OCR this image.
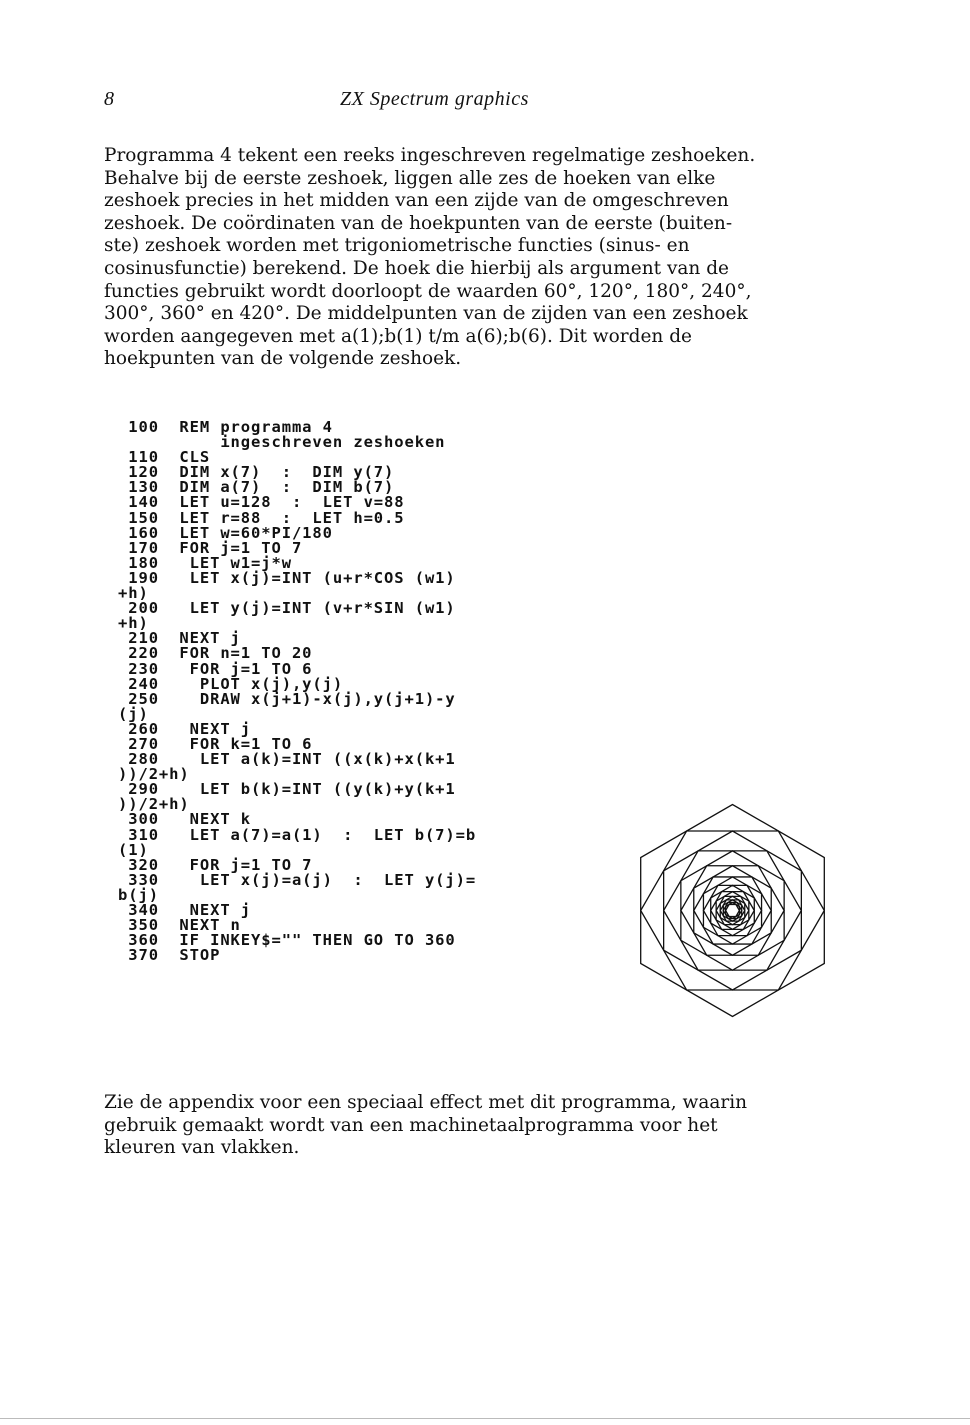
8	ZX Spectrum graphics
Programma 4 tekent een reeks ingeschreven regelmatige zeshoeken.
Behalve bij de eerste zeshoek, liggen alle zes de hoeken van elke
zeshoek precies in het midden van een zijde van de omgeschreven
zeshoek. De coördinaten van de hoekpunten van de eerste (buiten-
ste) zeshoek worden met trigoniometrische functies (sinus- en
cosinusfunctie) berekend. De hoek die hierbij als argument van de
functies gebruikt wordt doorloopt de waarden 60°, 120°, 180°, 240°,
300°, 360° en 420°. De middelpunten van de zijden van een zeshoek
worden aangegeven met a(1);b(1) t/m a(6);b(6). Dit worden de
hoekpunten van de volgende zeshoek.
100  REM programma 4
ingeschreven zeshoeken
110  CLS
120  DIM x(7)  :  DIM y(7)
130  DIM a(7)  :  DIM b(7)
140  LET u=128  :  LET v=88
150  LET r=88  :  LET h=0.5
160  LET w=60*PI/180
170  FOR j=1 TO 7
180   LET w1=j*w
190   LET x(j)=INT (u+r*COS (w1)
+h)
200   LET y(j)=INT (v+r*SIN (w1)
+h)
210  NEXT j
220  FOR n=1 TO 20
230   FOR j=1 TO 6
240    PLOT x(j),y(j)
250    DRAW x(j+1)-x(j),y(j+1)-y
(j)
260   NEXT j
270   FOR k=1 TO 6
280    LET a(k)=INT ((x(k)+x(k+1
))/2+h)
290    LET b(k)=INT ((y(k)+y(k+1
))/2+h)
300   NEXT k
310   LET a(7)=a(1)  :  LET b(7)=b
(1)
320   FOR j=1 TO 7
330    LET x(j)=a(j)  :  LET y(j)=
b(j)
340   NEXT j
350  NEXT n
360  IF INKEY$="" THEN GO TO 360
370  STOP

Zie de appendix voor een speciaal effect met dit programma, waarin
gebruik gemaakt wordt van een machinetaalprogramma voor het
kleuren van vlakken.
